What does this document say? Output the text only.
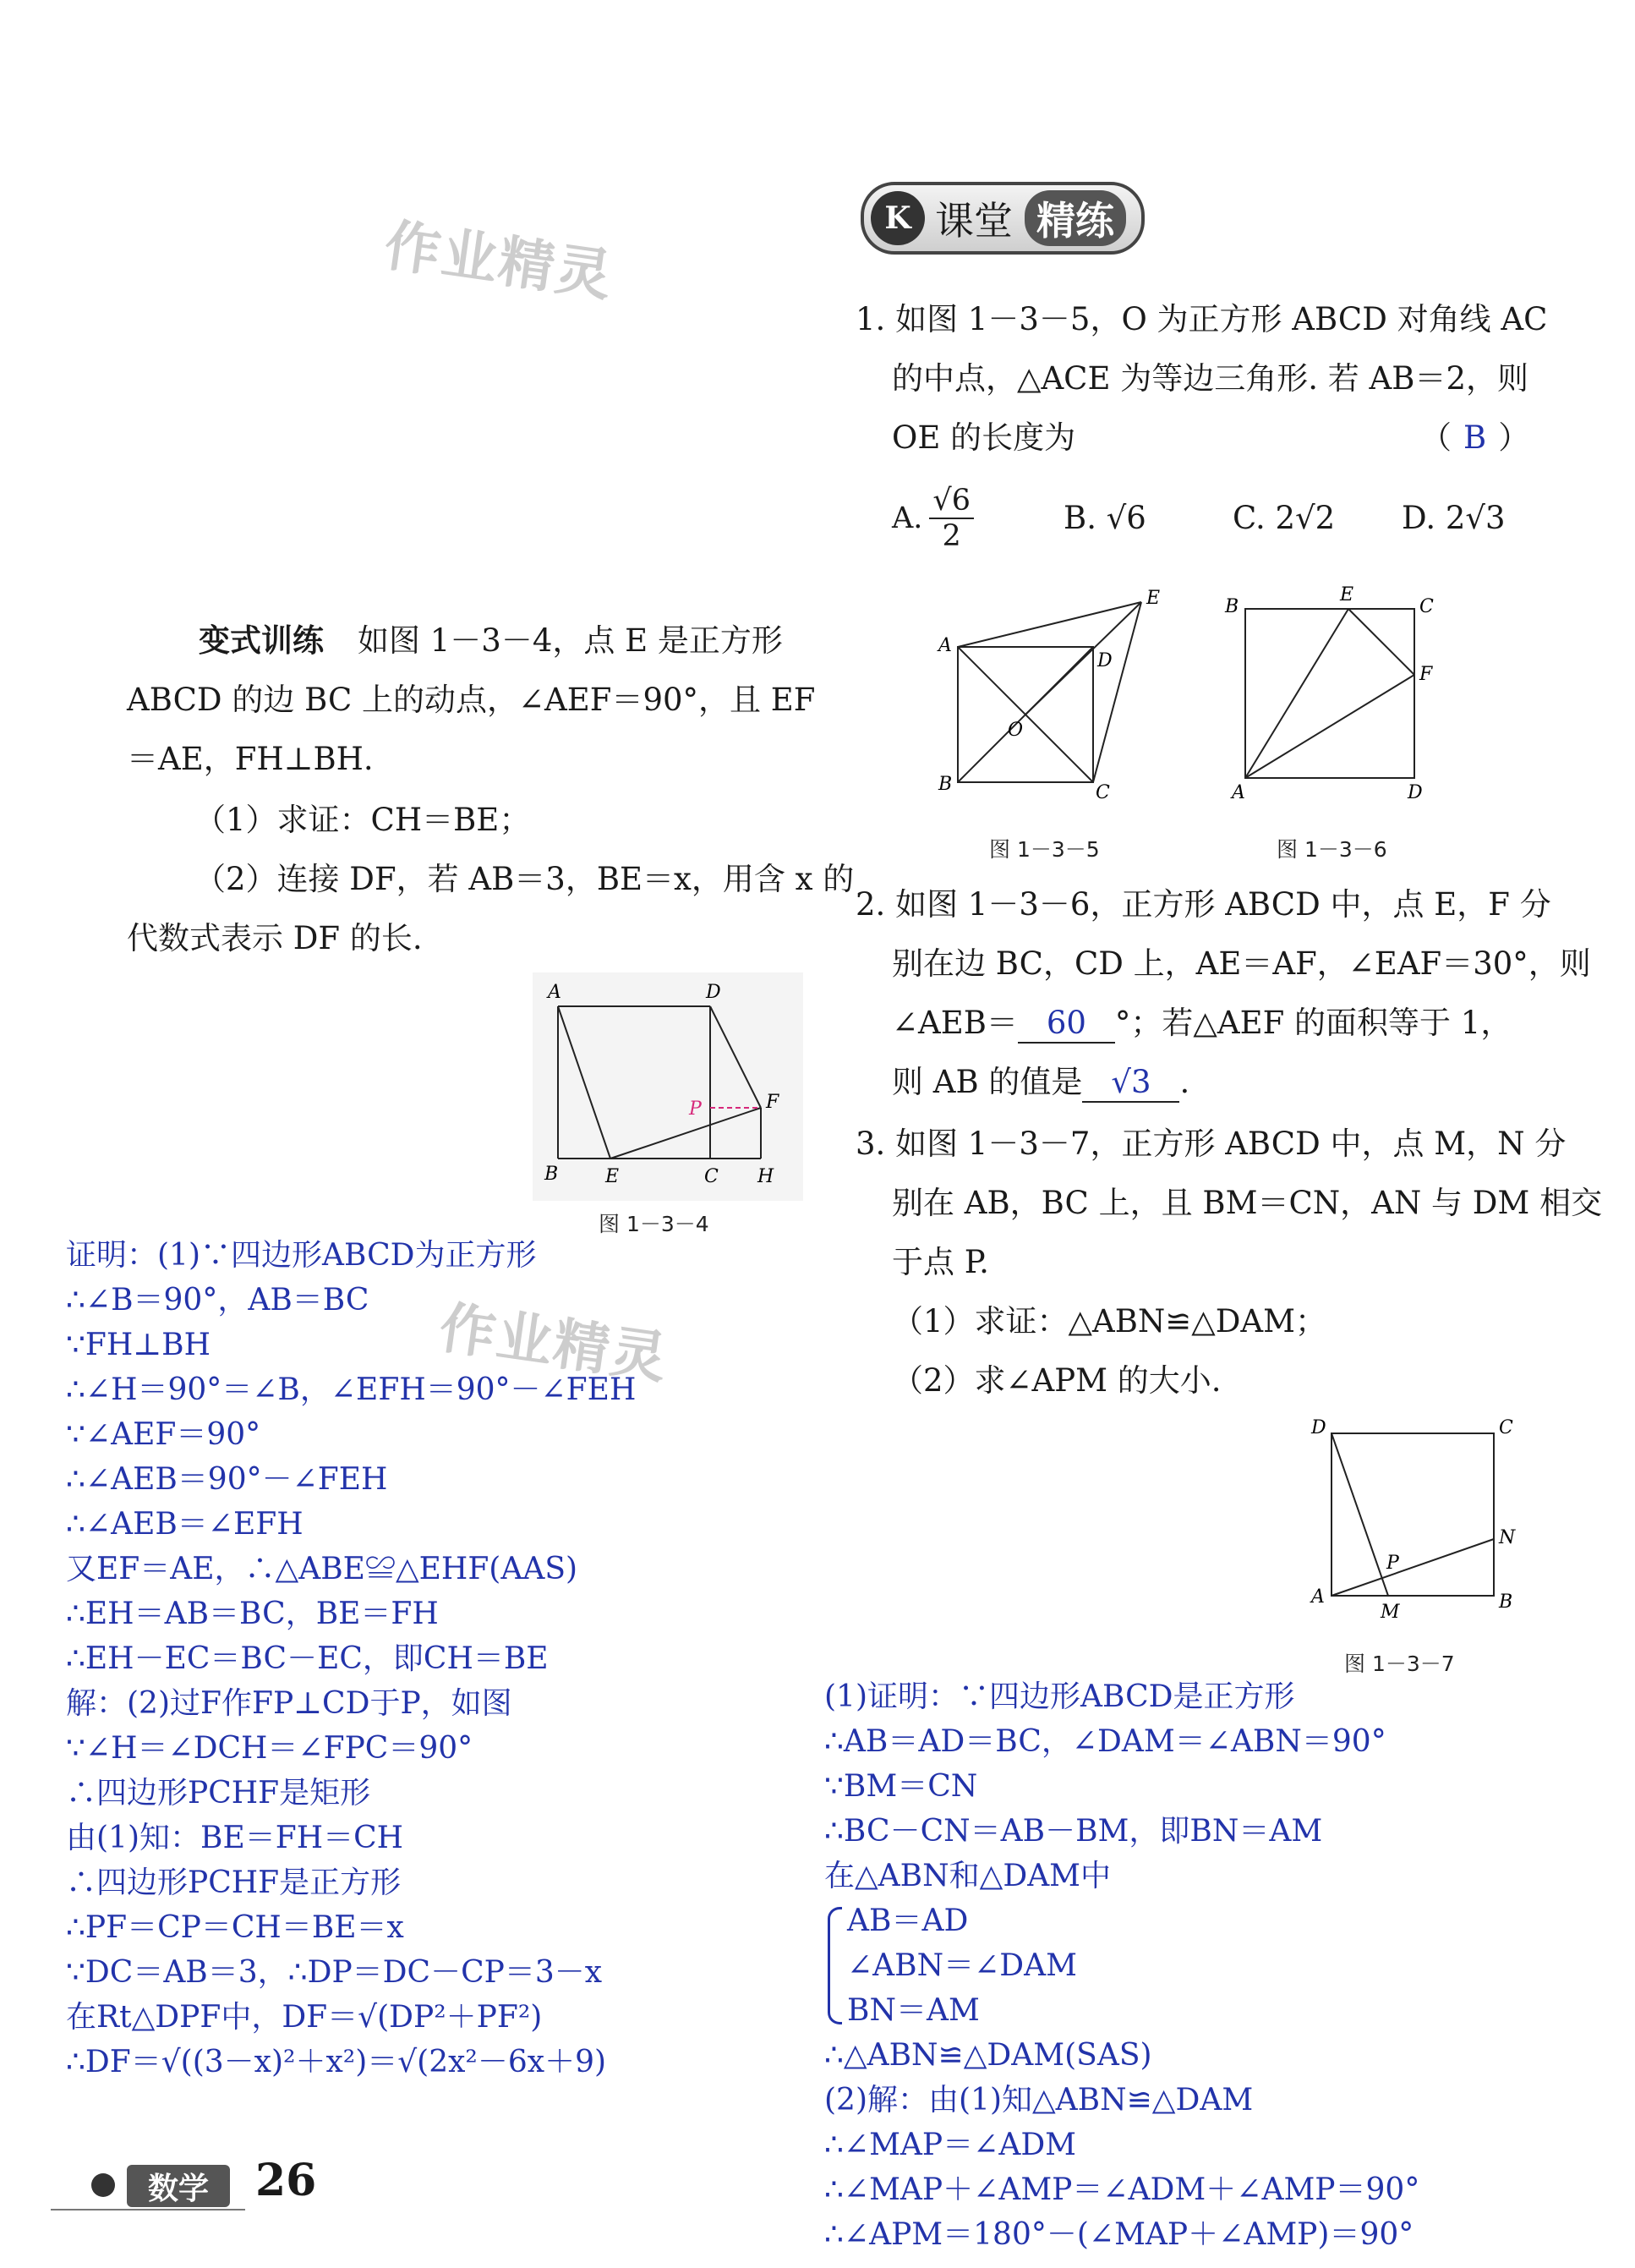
作业精灵
作业精灵
K 课堂 精练
变式训练 如图 1－3－4，点 E 是正方形
ABCD 的边 BC 上的动点，∠AEF＝90°，且 EF
＝AE，FH⊥BH.
（1）求证：CH＝BE；
（2）连接 DF，若 AB＝3，BE＝x，用含 x 的
代数式表示 DF 的长.
A	D
P	F
B	E	C H
图 1－3－4
证明：(1)∵四边形ABCD为正方形
∴∠B＝90°，AB＝BC
∵FH⊥BH
∴∠H＝90°＝∠B，∠EFH＝90°－∠FEH
∵∠AEF＝90°
∴∠AEB＝90°－∠FEH
∴∠AEB＝∠EFH
又EF＝AE，∴△ABE≌△EHF(AAS)
∴EH＝AB＝BC，BE＝FH
∴EH－EC＝BC－EC，即CH＝BE
解：(2)过F作FP⊥CD于P，如图
∵∠H＝∠DCH＝∠FPC＝90°
∴四边形PCHF是矩形
由(1)知：BE＝FH＝CH
∴四边形PCHF是正方形
∴PF＝CP＝CH＝BE＝x
∵DC＝AB＝3，∴DP＝DC－CP＝3－x
在Rt△DPF中，DF＝√(DP²＋PF²)
∴DF＝√((3－x)²＋x²)＝√(2x²－6x＋9)
1. 如图 1－3－5，O 为正方形 ABCD 对角线 AC
的中点，△ACE 为等边三角形. 若 AB＝2，则
OE 的长度为	（ B ）
A. $\frac{√6}{2}$	B. √6	C. 2√2 D. 2√3
E
A
D
O
B	C
图 1－3－5
B
E
C
F
A	D
图 1－3－6
2. 如图 1－3－6，正方形 ABCD 中，点 E，F 分
别在边 BC，CD 上，AE＝AF，∠EAF＝30°，则
∠AEB＝ 60 °；若△AEF 的面积等于 1，
则 AB 的值是 √3 .
3. 如图 1－3－7，正方形 ABCD 中，点 M，N 分
别在 AB，BC 上，且 BM＝CN，AN 与 DM 相交
于点 P.
（1）求证：△ABN≌△DAM；
（2）求∠APM 的大小.
D	C
N
P
A
M	B
图 1－3－7
(1)证明：∵四边形ABCD是正方形
∴AB＝AD＝BC，∠DAM＝∠ABN＝90°
∵BM＝CN
∴BC－CN＝AB－BM，即BN＝AM
在△ABN和△DAM中
AB＝AD
∠ABN＝∠DAM
BN＝AM
∴△ABN≌△DAM(SAS)
(2)解：由(1)知△ABN≌△DAM
∴∠MAP＝∠ADM
∴∠MAP＋∠AMP＝∠ADM＋∠AMP＝90°
∴∠APM＝180°－(∠MAP＋∠AMP)＝90°
数学	26
